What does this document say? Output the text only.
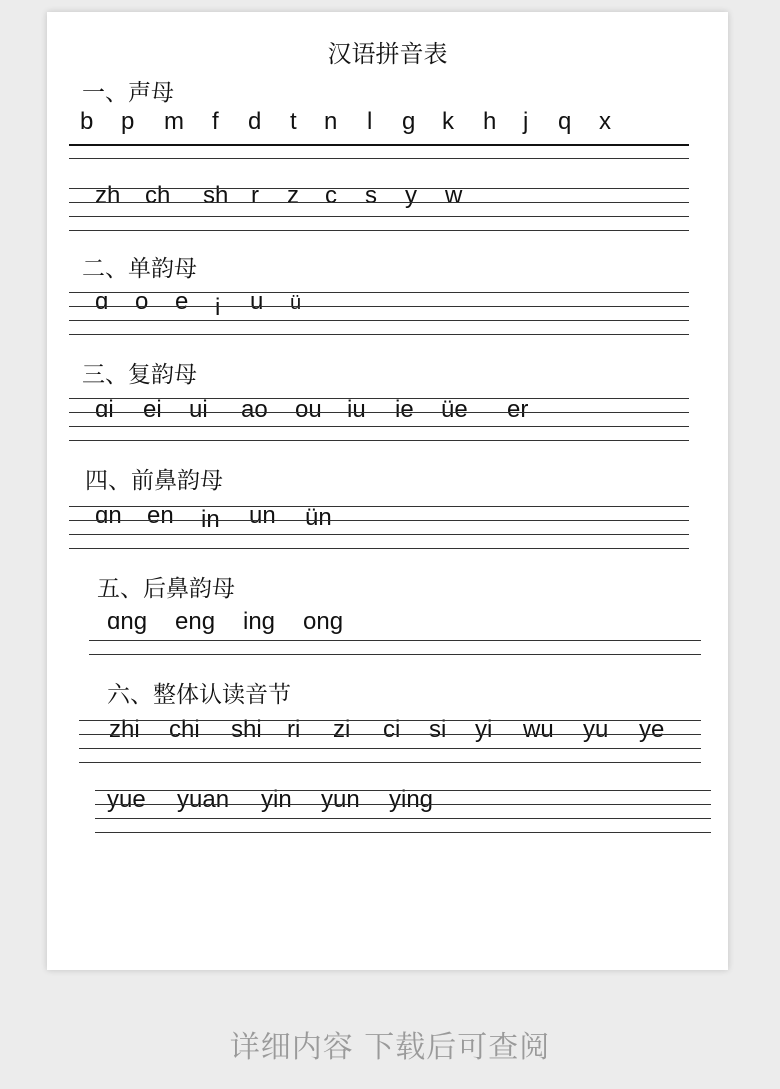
汉语拼音表
一、声母
b p m f d t n l g k h j q x
zh ch sh r z c s y w
二、单韵母
ɑ o e i u ü
三、复韵母
ɑi ei ui ao ou iu ie üe er
四、前鼻韵母
ɑn en in un ün
五、后鼻韵母
ɑng eng ing ong
六、整体认读音节
zhi chi shi ri zi ci si yi wu yu ye
yue yuan yin yun ying
详细内容 下载后可查阅
